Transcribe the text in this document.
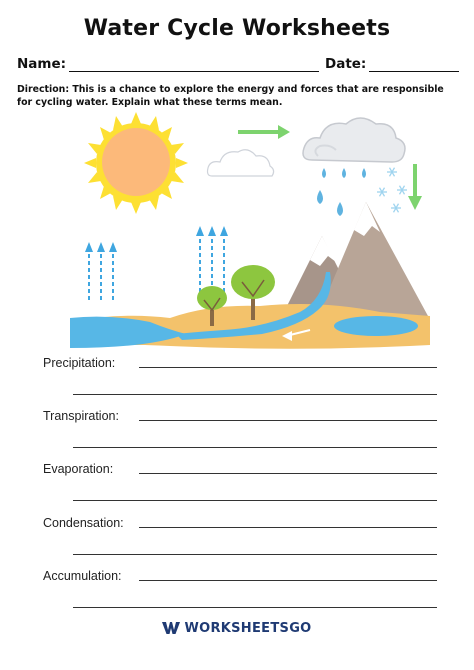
Water Cycle Worksheets
Name:	Date:
Direction: This is a chance to explore the energy and forces that are responsible for cycling water. Explain what these terms mean.
Precipitation:
Transpiration:
Evaporation:
Condensation:
Accumulation:
WORKSHEETSGO
